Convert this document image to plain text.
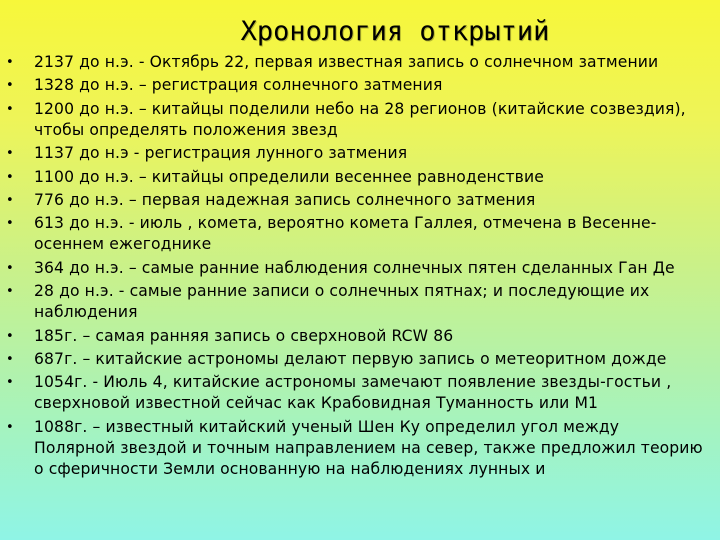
Хронология открытий
•	2137 до н.э. - Октябрь 22, первая известная запись о солнечном затмении
•	1328 до н.э. – регистрация солнечного затмения
•	1200 до н.э. – китайцы поделили небо на 28 регионов (китайские созвездия), чтобы определять положения звезд
•	1137 до н.э - регистрация лунного затмения
•	1100 до н.э. – китайцы определили весеннее равноденствие
•	776 до н.э. – первая надежная запись солнечного затмения
•	613 до н.э. - июль , комета, вероятно комета Галлея, отмечена в Весенне-осеннем ежегоднике
•	364 до н.э. – самые ранние наблюдения солнечных пятен сделанных Ган Де
•	28 до н.э. - самые ранние записи о солнечных пятнах; и последующие их наблюдения
•	185г. – самая ранняя запись о сверхновой RCW 86
•	687г. – китайские астрономы делают первую запись о метеоритном дожде
•	1054г. - Июль 4, китайские астрономы замечают появление звезды-гостьи , сверхновой известной сейчас как Крабовидная Туманность или M1
•	1088г. – известный китайский ученый Шен Ку определил угол между Полярной звездой и точным направлением на север, также предложил теорию о сферичности Земли основанную на наблюдениях лунных и
